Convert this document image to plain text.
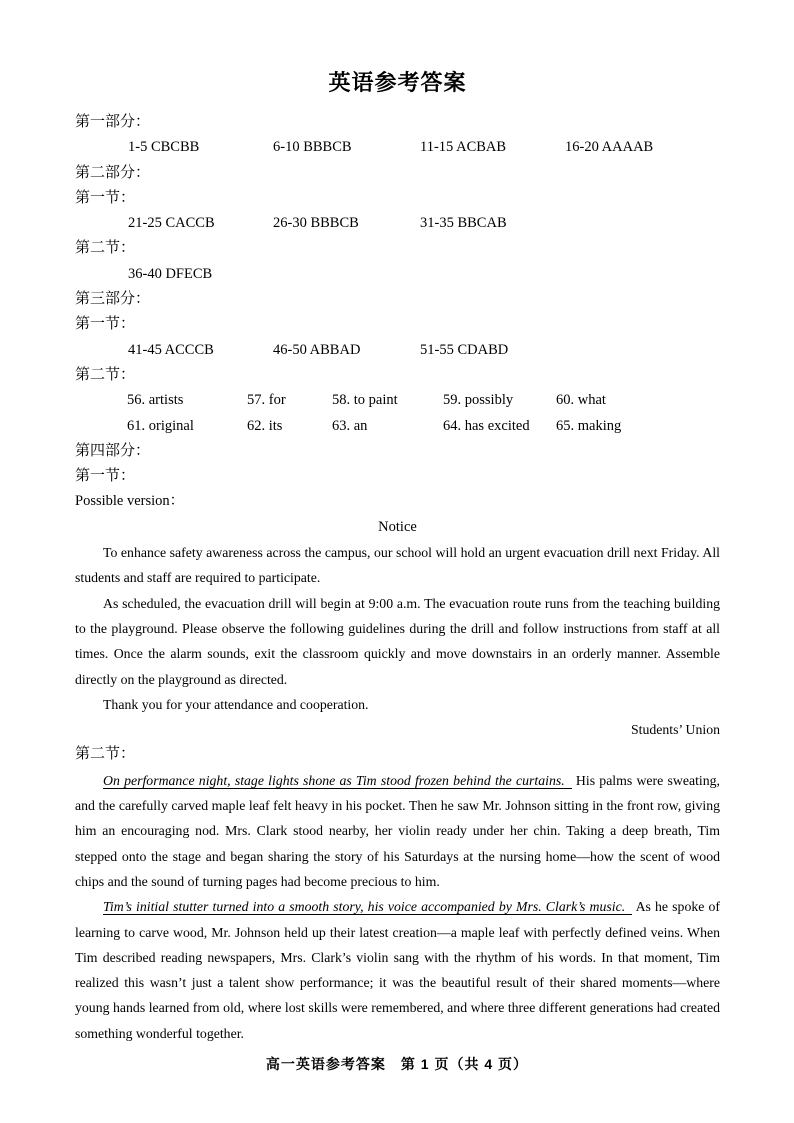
英语参考答案
第一部分：
1-5 CBCBB	6-10 BBBCB	11-15 ACBAB	16-20 AAAAB
第二部分：
第一节：
21-25 CACCB	26-30 BBBCB	31-35 BBCAB
第二节：
36-40 DFECB
第三部分：
第一节：
41-45 ACCCB	46-50 ABBAD	51-55 CDABD
第二节：
56. artists	57. for	58. to paint	59. possibly	60. what
61. original	62. its	63. an	64. has excited	65. making
第四部分：
第一节：
Possible version：
Notice

To enhance safety awareness across the campus, our school will hold an urgent evacuation drill next Friday. All students and staff are required to participate.

As scheduled, the evacuation drill will begin at 9:00 a.m. The evacuation route runs from the teaching building to the playground. Please observe the following guidelines during the drill and follow instructions from staff at all times. Once the alarm sounds, exit the classroom quickly and move downstairs in an orderly manner. Assemble directly on the playground as directed.

Thank you for your attendance and cooperation.

Students’ Union

第二节：

On performance night, stage lights shone as Tim stood frozen behind the curtains. His palms were sweating, and the carefully carved maple leaf felt heavy in his pocket. Then he saw Mr. Johnson sitting in the front row, giving him an encouraging nod. Mrs. Clark stood nearby, her violin ready under her chin. Taking a deep breath, Tim stepped onto the stage and began sharing the story of his Saturdays at the nursing home—how the scent of wood chips and the sound of turning pages had become precious to him.

Tim’s initial stutter turned into a smooth story, his voice accompanied by Mrs. Clark’s music. As he spoke of learning to carve wood, Mr. Johnson held up their latest creation—a maple leaf with perfectly defined veins. When Tim described reading newspapers, Mrs. Clark’s violin sang with the rhythm of his words. In that moment, Tim realized this wasn’t just a talent show performance; it was the beautiful result of their shared moments—where young hands learned from old, where lost skills were remembered, and where three different generations had created something wonderful together.

高一英语参考答案　第 1 页（共 4 页）
